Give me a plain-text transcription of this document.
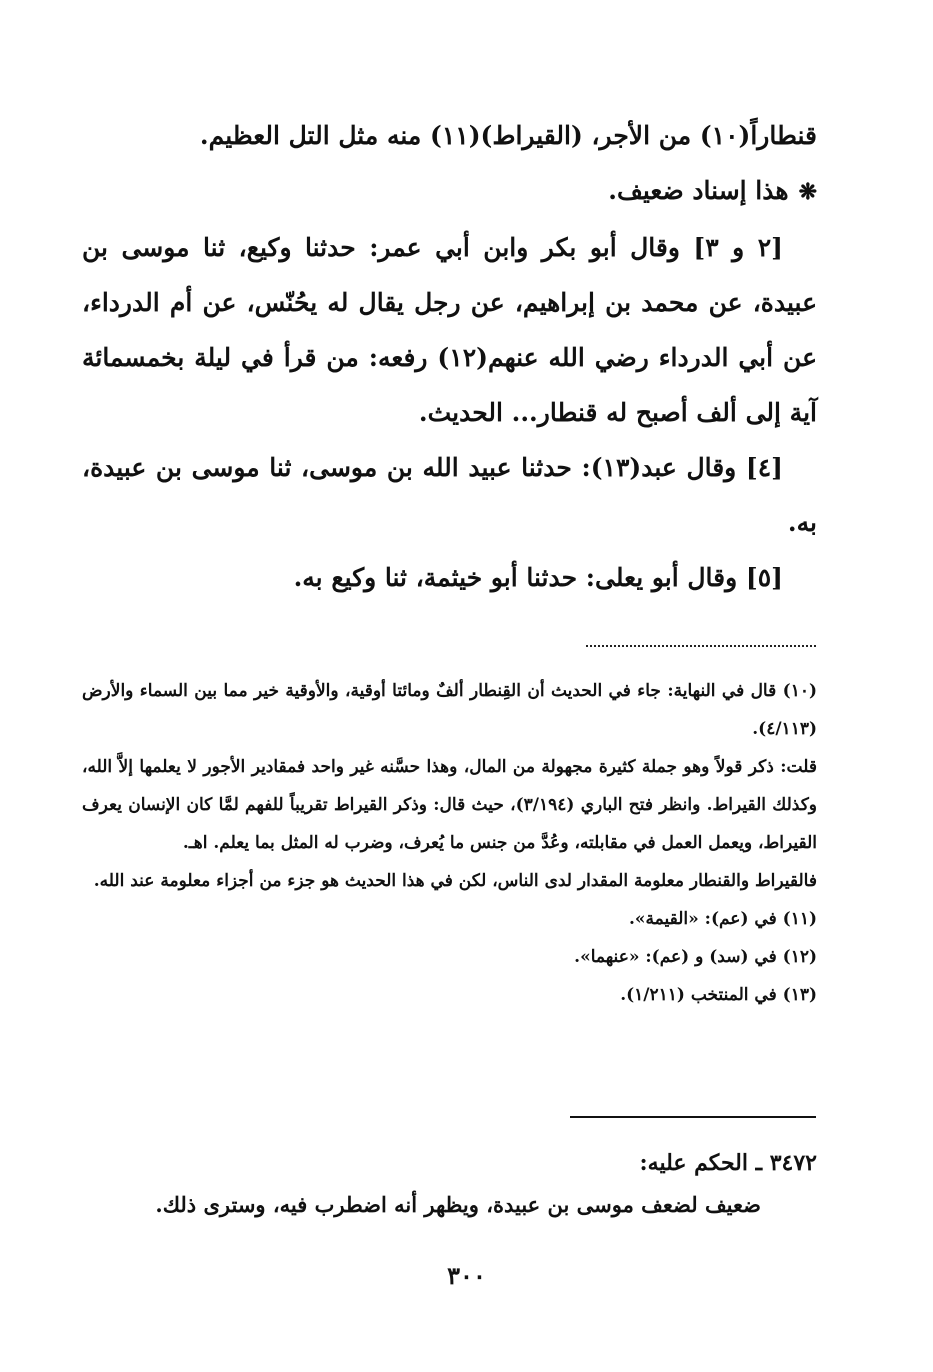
قنطاراً(١٠) من الأجر، (القيراط)(١١) منه مثل التل العظيم.

❋هذا إسناد ضعيف.

[٢ و ٣] وقال أبو بكر وابن أبي عمر: حدثنا وكيع، ثنا موسى بن عبيدة، عن محمد بن إبراهيم، عن رجل يقال له يحُنّس، عن أم الدرداء، عن أبي الدرداء رضي الله عنهم(١٢) رفعه: من قرأ في ليلة بخمسمائة آية إلى ألف أصبح له قنطار... الحديث.

[٤] وقال عبد(١٣): حدثنا عبيد الله بن موسى، ثنا موسى بن عبيدة، به.

[٥] وقال أبو يعلى: حدثنا أبو خيثمة، ثنا وكيع به.

(١٠) قال في النهاية: جاء في الحديث أن القِنطار ألفٌ ومائتا أوقية، والأوقية خير مما بين السماء والأرض (٤/١١٣).

قلت: ذكر قولاً وهو جملة كثيرة مجهولة من المال، وهذا حسَّنه غير واحد فمقادير الأجور لا يعلمها إلاَّ الله، وكذلك القيراط. وانظر فتح الباري (٣/١٩٤)، حيث قال: وذكر القيراط تقريباً للفهم لمَّا كان الإنسان يعرف القيراط، ويعمل العمل في مقابلته، وعُدَّ من جنس ما يُعرف، وضرب له المثل بما يعلم. اهـ.

فالقيراط والقنطار معلومة المقدار لدى الناس، لكن في هذا الحديث هو جزء من أجزاء معلومة عند الله.

(١١) في (عم): «القيمة».

(١٢) في (سد) و (عم): «عنهما».

(١٣) في المنتخب (١/٢١١).

٣٤٧٢ ـ الحكم عليه:
ضعيف لضعف موسى بن عبيدة، ويظهر أنه اضطرب فيه، وسترى ذلك.
٣٠٠
